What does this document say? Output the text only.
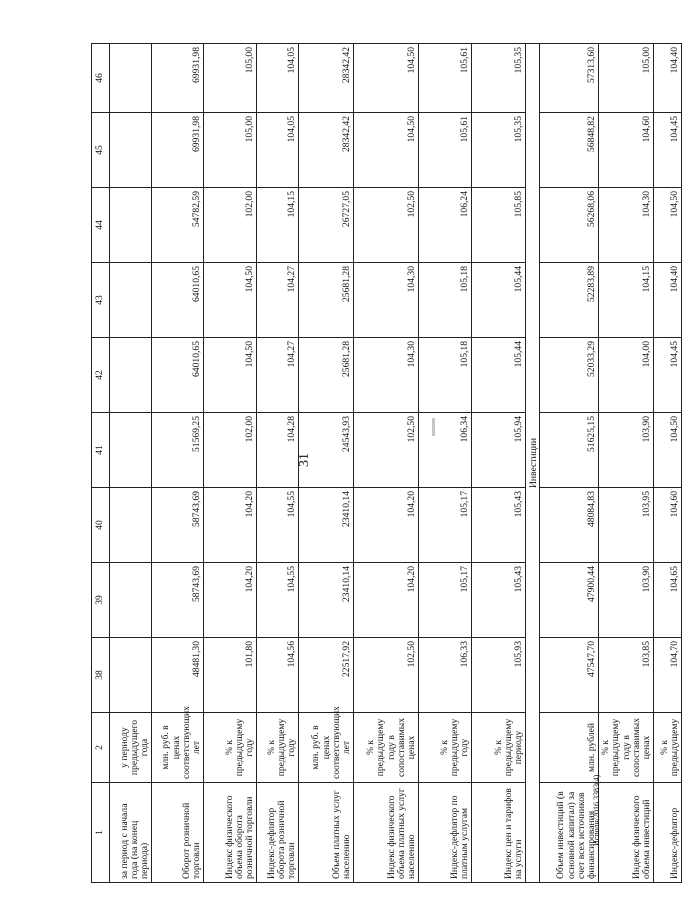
31
Исполн/2016.3383(4)
1	2	38	39	40	41	42	43	44	45	46
за период с начала года (на конец периода)	у периоду предыдущего года									
Оборот розничной торговли	млн. руб. в ценах соответствующих лет	48481,30	58743,69	5874З,69	51569,25	64010,65	64010,65	54782,59	69931,98	69931,98
Индекс физического объема оборота розничной торговли	% к предыдущему году	101,80	104,20	104,20	102,00	104,50	104,50	102,00	105,00	105,00
Индекс-дефлятор оборота розничной торговли	% к предыдущему году	104,56	104,55	104,55	104,28	104,27	104,27	104,15	104,05	104,05
Объем платных услуг населению	млн. руб. в ценах соответствующих лет	22517,92	23410,14	23410,14	24543,93	25681,28	25681,28	26727,05	28342,42	28342,42
Индекс физического объема платных услуг населению	% к предыдущему году в сопоставимых ценах	102,50	104,20	104,20	102,50	104,30	104,30	102,50	104,50	104,50
Индекс-дефлятор по платным услугам	% к предыдущему году	106,33	105,17	105,17	106,34	105,18	105,18	106,24	105,61	105,61
Индекс цен и тарифов на услуги	% к предыдущему периоду	105,93	105,43	105,43	105,94	105,44	105,44	105,85	105,35	105,35
Инвестиции										
Объем инвестиций (в основной капитал) за счет всех источников финансирования	млн. рублей	47547,70	47900,44	48084,83	51625,15	52033,29	52283,89	56268,06	56848,82	57313,60
Индекс физического объема инвестиций	% к предыдущему году в сопоставимых ценах	103,85	103,90	103,95	103,90	104,00	104,15	104,30	104,60	105,00
Индекс-дефлятор	% к предыдущему	104,70	104,65	104,60	104,50	104,45	104,40	104,50	104,45	104,40
